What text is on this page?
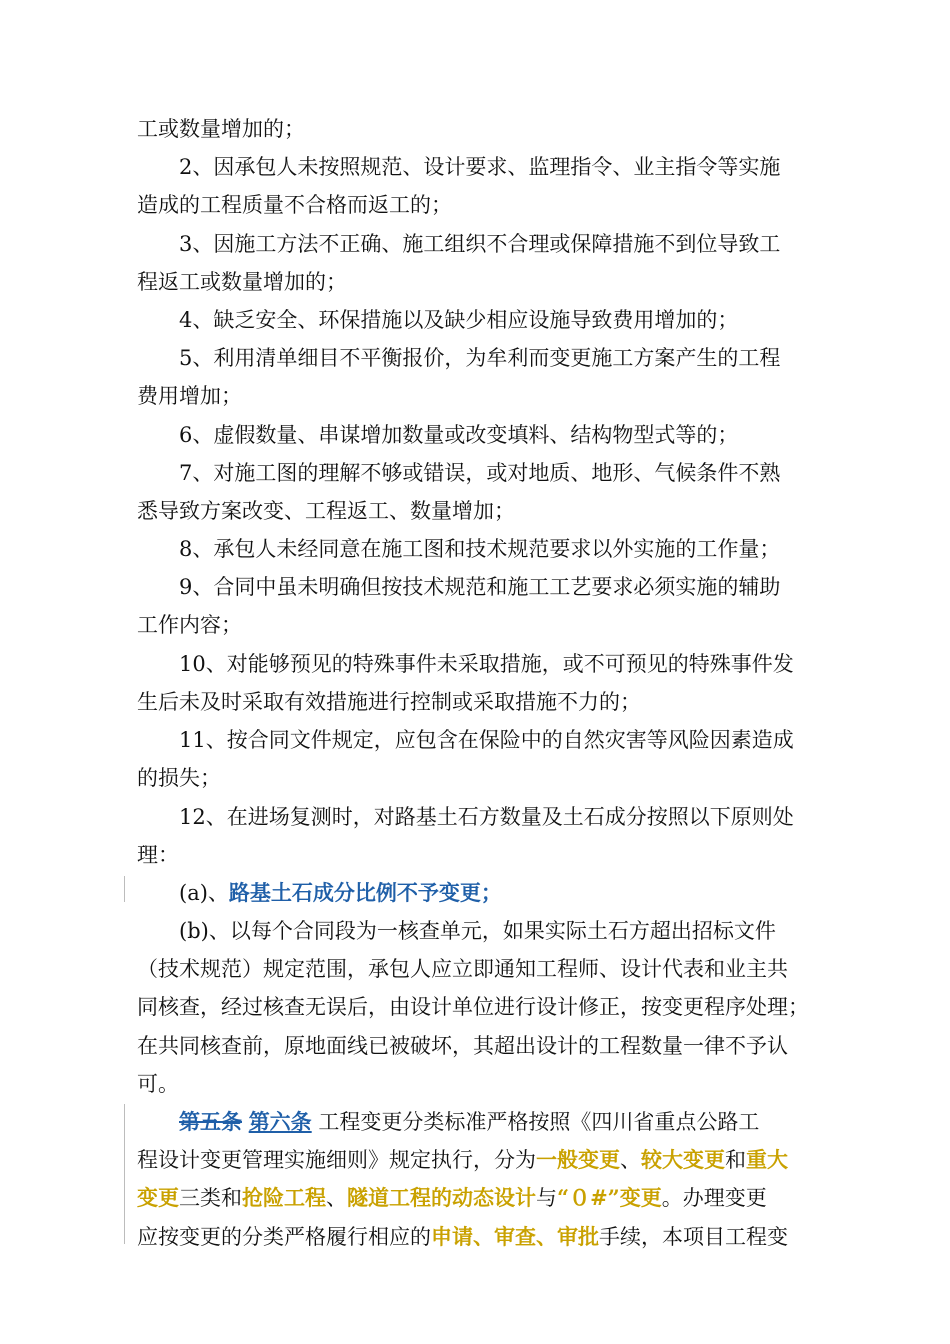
工或数量增加的；
2、因承包人未按照规范、设计要求、监理指令、业主指令等实施
造成的工程质量不合格而返工的；
3、因施工方法不正确、施工组织不合理或保障措施不到位导致工
程返工或数量增加的；
4、缺乏安全、环保措施以及缺少相应设施导致费用增加的；
5、利用清单细目不平衡报价，为牟利而变更施工方案产生的工程
费用增加；
6、虚假数量、串谋增加数量或改变填料、结构物型式等的；
7、对施工图的理解不够或错误，或对地质、地形、气候条件不熟
悉导致方案改变、工程返工、数量增加；
8、承包人未经同意在施工图和技术规范要求以外实施的工作量；
9、合同中虽未明确但按技术规范和施工工艺要求必须实施的辅助
工作内容；
10、对能够预见的特殊事件未采取措施，或不可预见的特殊事件发
生后未及时采取有效措施进行控制或采取措施不力的；
11、按合同文件规定，应包含在保险中的自然灾害等风险因素造成
的损失；
12、在进场复测时，对路基土石方数量及土石成分按照以下原则处
理：
(a)、路基土石成分比例不予变更；
(b)、以每个合同段为一核查单元，如果实际土石方超出招标文件
（技术规范）规定范围，承包人应立即通知工程师、设计代表和业主共
同核查，经过核查无误后，由设计单位进行设计修正，按变更程序处理；
在共同核查前，原地面线已被破坏，其超出设计的工程数量一律不予认
可。
第五条 第六条 工程变更分类标准严格按照《四川省重点公路工
程设计变更管理实施细则》规定执行，分为一般变更、较大变更和重大
变更三类和抢险工程、隧道工程的动态设计与“０#”变更。办理变更
应按变更的分类严格履行相应的申请、审查、审批手续，本项目工程变
